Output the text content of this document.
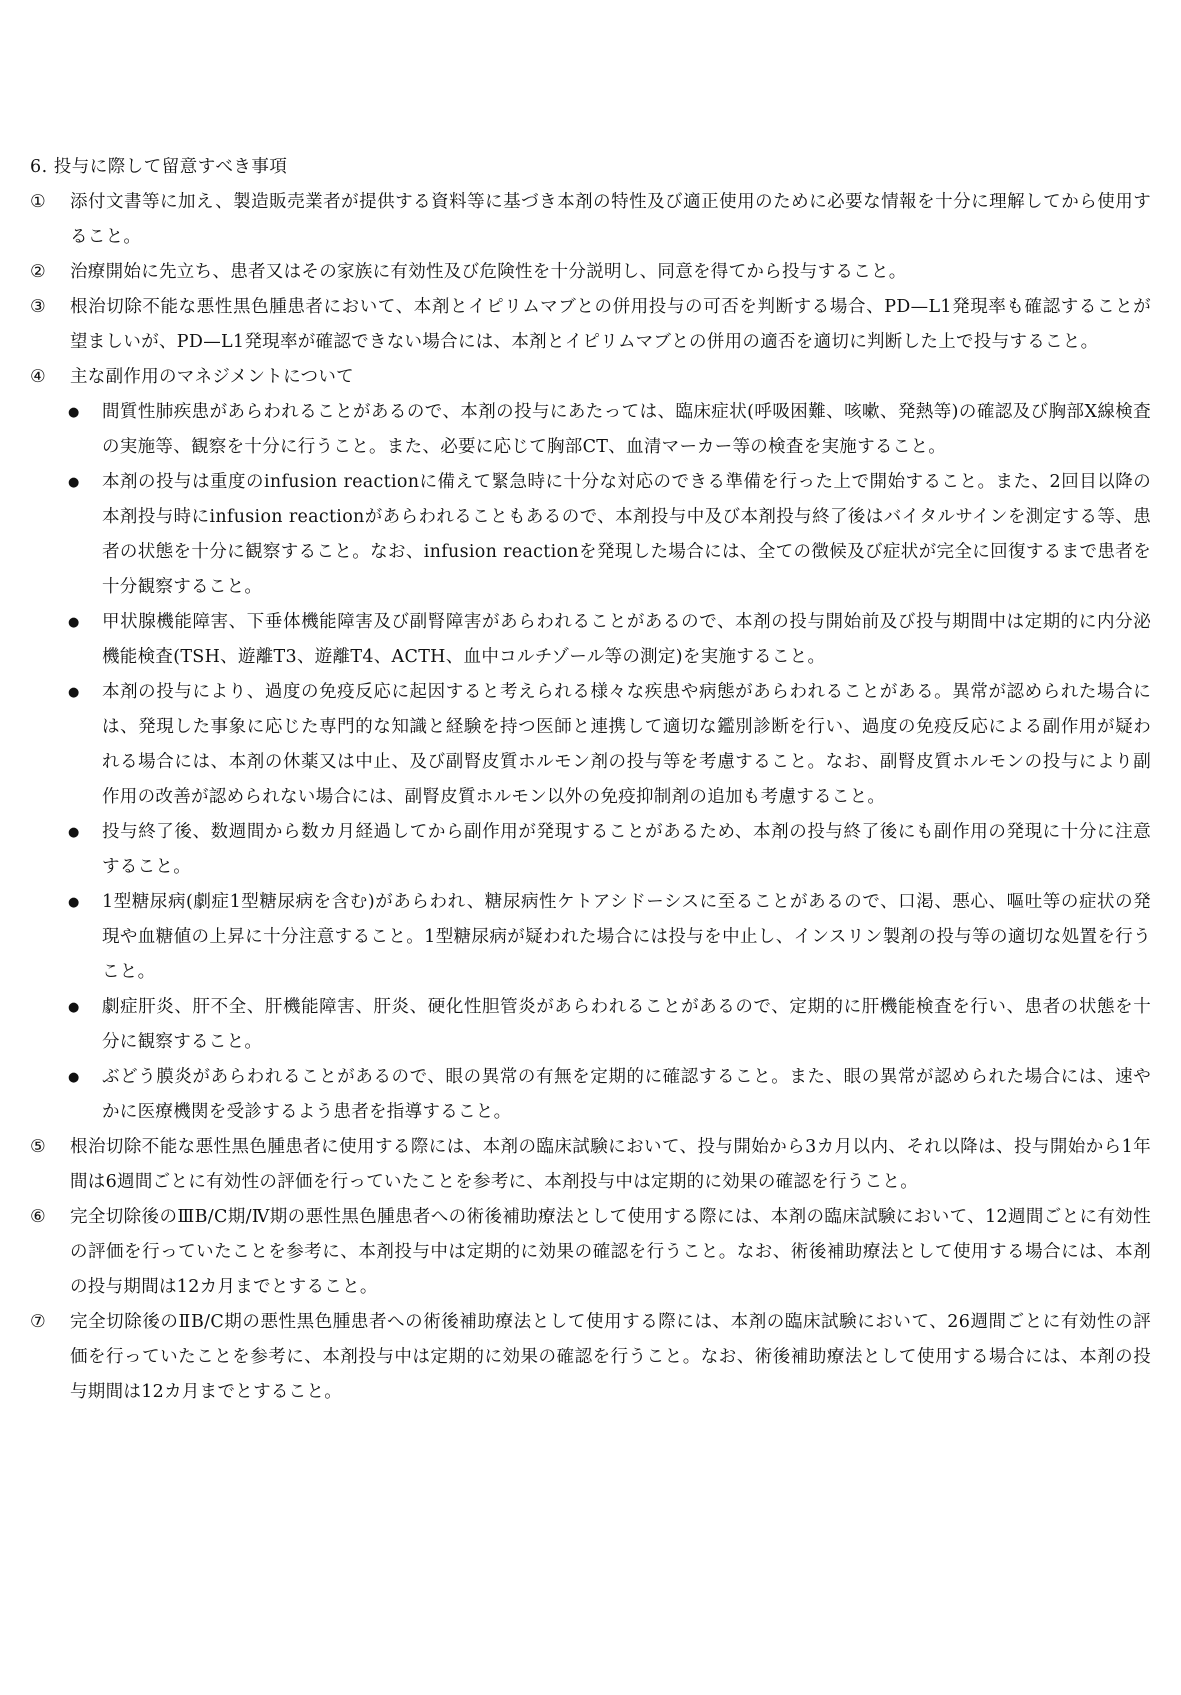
6. 投与に際して留意すべき事項
①	添付文書等に加え、製造販売業者が提供する資料等に基づき本剤の特性及び適正使用のために必要な情報を十分に理解してから使用すること。
②	治療開始に先立ち、患者又はその家族に有効性及び危険性を十分説明し、同意を得てから投与すること。
③	根治切除不能な悪性黒色腫患者において、本剤とイピリムマブとの併用投与の可否を判断する場合、PD—L1発現率も確認することが望ましいが、PD—L1発現率が確認できない場合には、本剤とイピリムマブとの併用の適否を適切に判断した上で投与すること。
④	主な副作用のマネジメントについて
●	間質性肺疾患があらわれることがあるので、本剤の投与にあたっては、臨床症状(呼吸困難、咳嗽、発熱等)の確認及び胸部X線検査の実施等、観察を十分に行うこと。また、必要に応じて胸部CT、血清マーカー等の検査を実施すること。
●	本剤の投与は重度のinfusion reactionに備えて緊急時に十分な対応のできる準備を行った上で開始すること。また、2回目以降の本剤投与時にinfusion reactionがあらわれることもあるので、本剤投与中及び本剤投与終了後はバイタルサインを測定する等、患者の状態を十分に観察すること。なお、infusion reactionを発現した場合には、全ての徴候及び症状が完全に回復するまで患者を十分観察すること。
●	甲状腺機能障害、下垂体機能障害及び副腎障害があらわれることがあるので、本剤の投与開始前及び投与期間中は定期的に内分泌機能検査(TSH、遊離T3、遊離T4、ACTH、血中コルチゾール等の測定)を実施すること。
●	本剤の投与により、過度の免疫反応に起因すると考えられる様々な疾患や病態があらわれることがある。異常が認められた場合には、発現した事象に応じた専門的な知識と経験を持つ医師と連携して適切な鑑別診断を行い、過度の免疫反応による副作用が疑われる場合には、本剤の休薬又は中止、及び副腎皮質ホルモン剤の投与等を考慮すること。なお、副腎皮質ホルモンの投与により副作用の改善が認められない場合には、副腎皮質ホルモン以外の免疫抑制剤の追加も考慮すること。
●	投与終了後、数週間から数カ月経過してから副作用が発現することがあるため、本剤の投与終了後にも副作用の発現に十分に注意すること。
●	1型糖尿病(劇症1型糖尿病を含む)があらわれ、糖尿病性ケトアシドーシスに至ることがあるので、口渇、悪心、嘔吐等の症状の発現や血糖値の上昇に十分注意すること。1型糖尿病が疑われた場合には投与を中止し、インスリン製剤の投与等の適切な処置を行うこと。
●	劇症肝炎、肝不全、肝機能障害、肝炎、硬化性胆管炎があらわれることがあるので、定期的に肝機能検査を行い、患者の状態を十分に観察すること。
●	ぶどう膜炎があらわれることがあるので、眼の異常の有無を定期的に確認すること。また、眼の異常が認められた場合には、速やかに医療機関を受診するよう患者を指導すること。
⑤	根治切除不能な悪性黒色腫患者に使用する際には、本剤の臨床試験において、投与開始から3カ月以内、それ以降は、投与開始から1年間は6週間ごとに有効性の評価を行っていたことを参考に、本剤投与中は定期的に効果の確認を行うこと。
⑥	完全切除後のⅢB/C期/Ⅳ期の悪性黒色腫患者への術後補助療法として使用する際には、本剤の臨床試験において、12週間ごとに有効性の評価を行っていたことを参考に、本剤投与中は定期的に効果の確認を行うこと。なお、術後補助療法として使用する場合には、本剤の投与期間は12カ月までとすること。
⑦	完全切除後のⅡB/C期の悪性黒色腫患者への術後補助療法として使用する際には、本剤の臨床試験において、26週間ごとに有効性の評価を行っていたことを参考に、本剤投与中は定期的に効果の確認を行うこと。なお、術後補助療法として使用する場合には、本剤の投与期間は12カ月までとすること。
